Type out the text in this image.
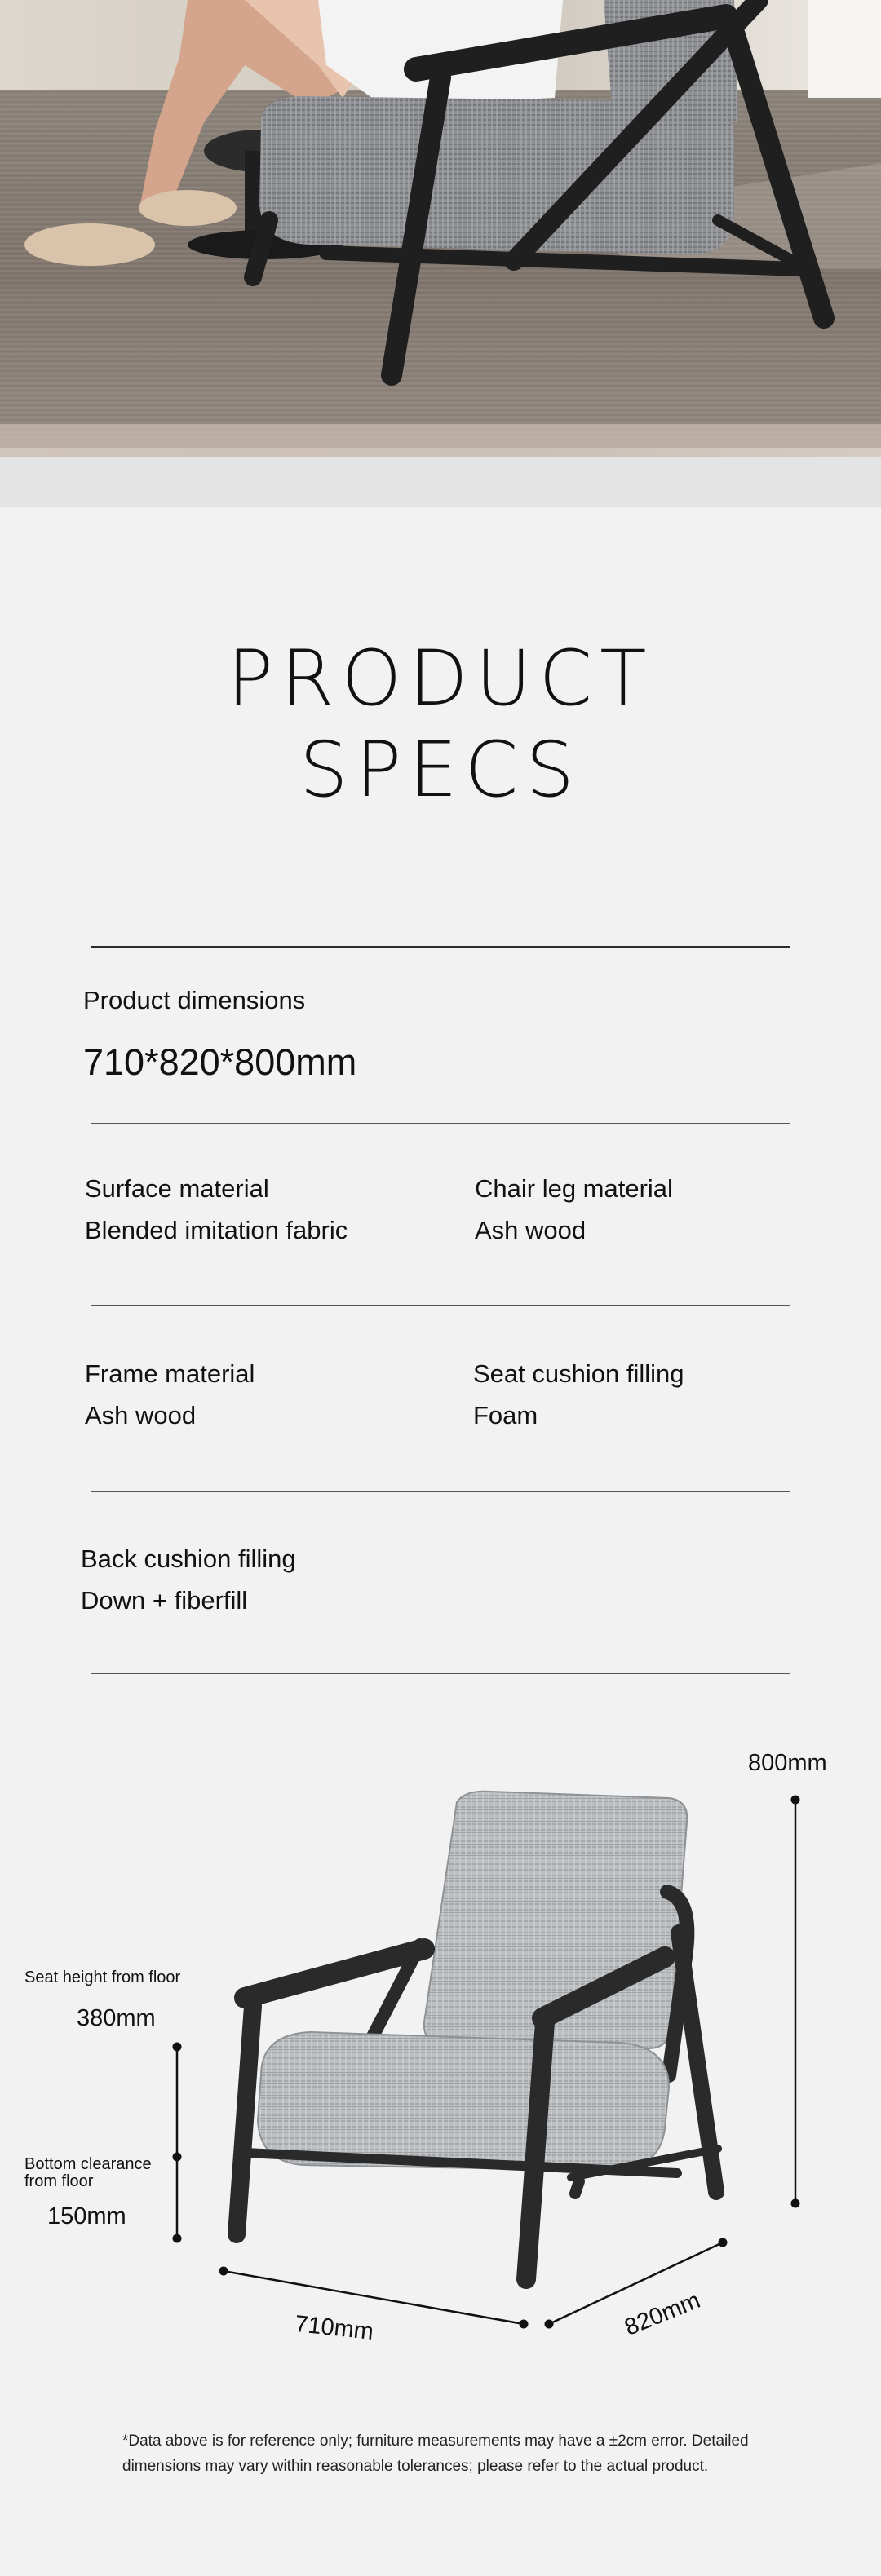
PRODUCT
SPECS
Product dimensions
710*820*800mm
Surface material
Blended imitation fabric
Chair leg material
Ash wood
Frame material
Ash wood
Seat cushion filling
Foam
Back cushion filling
Down + fiberfill
800mm
Seat height from floor
380mm
Bottom clearance
from floor
150mm
710mm	820mm
*Data above is for reference only; furniture measurements may have a ±2cm error. Detailed dimensions may vary within reasonable tolerances; please refer to the actual product.
